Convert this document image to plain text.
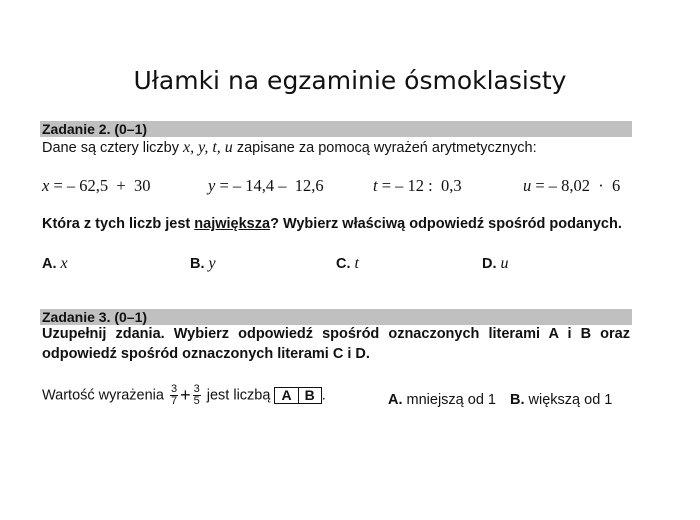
Ułamki na egzaminie ósmoklasisty
Zadanie 2. (0–1)
Dane są cztery liczby x, y, t, u zapisane za pomocą wyrażeń arytmetycznych:
x = – 62,5  +  30	y = – 14,4 –  12,6	t = – 12 :  0,3	u = – 8,02  ·  6
Która z tych liczb jest największa? Wybierz właściwą odpowiedź spośród podanych.
A. x	B. y	C. t	D. u
Zadanie 3. (0–1)
Uzupełnij zdania. Wybierz odpowiedź spośród oznaczonych literami A i B oraz
odpowiedź spośród oznaczonych literami C i D.
Wartość wyrażenia $\frac{3}{7} + \frac{3}{5}$ jest liczbą A B .	A. mniejszą od 1 B. większą od 1
